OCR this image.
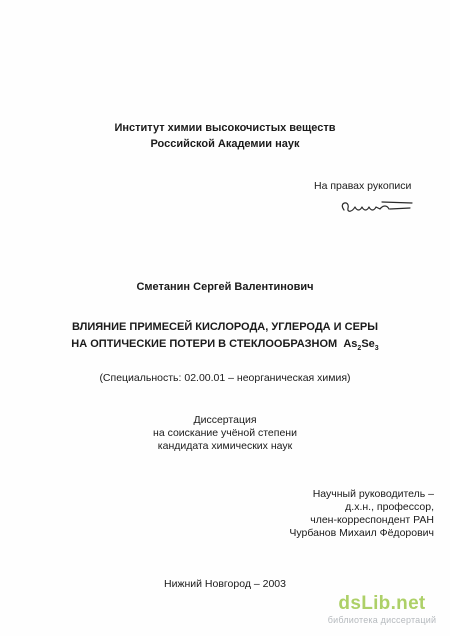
Институт химии высокочистых веществ
Российской Академии наук
На правах рукописи
Сметанин Сергей Валентинович
ВЛИЯНИЕ ПРИМЕСЕЙ КИСЛОРОДА, УГЛЕРОДА И СЕРЫ
НА ОПТИЧЕСКИЕ ПОТЕРИ В СТЕКЛООБРАЗНОМ $As_2Se_3$
(Специальность: 02.00.01 – неорганическая химия)
Диссертация
на соискание учёной степени
кандидата химических наук
Научный руководитель –
д.х.н., профессор,
член-корреспондент РАН
Чурбанов Михаил Фёдорович
Нижний Новгород – 2003
dsLib.net
библиотека диссертаций
